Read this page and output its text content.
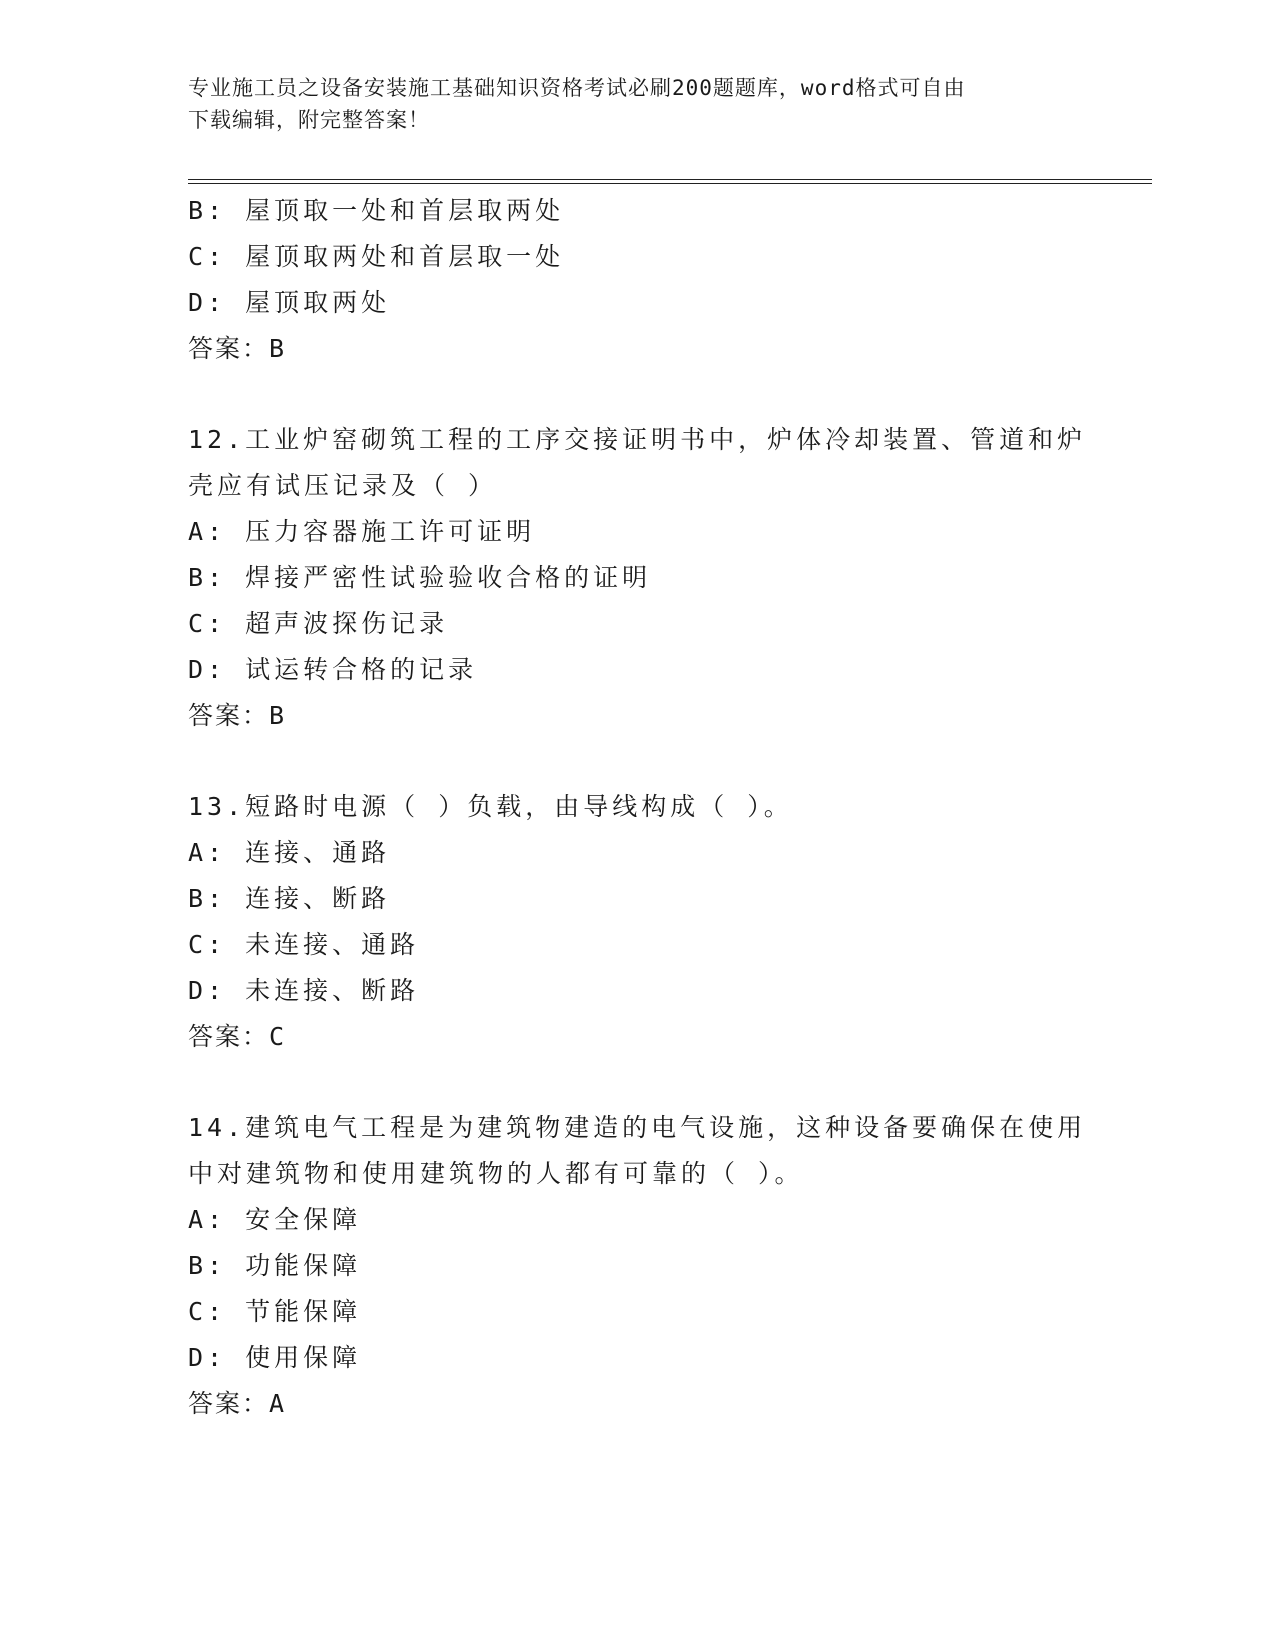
专业施工员之设备安装施工基础知识资格考试必刷200题题库，word格式可自由
下载编辑，附完整答案！
B: 屋顶取一处和首层取两处
C: 屋顶取两处和首层取一处
D: 屋顶取两处
答案：B
12.工业炉窑砌筑工程的工序交接证明书中，炉体冷却装置、管道和炉
壳应有试压记录及（ ）
A: 压力容器施工许可证明
B: 焊接严密性试验验收合格的证明
C: 超声波探伤记录
D: 试运转合格的记录
答案：B
13.短路时电源（ ）负载，由导线构成（ ）。
A: 连接、通路
B: 连接、断路
C: 未连接、通路
D: 未连接、断路
答案：C
14.建筑电气工程是为建筑物建造的电气设施，这种设备要确保在使用
中对建筑物和使用建筑物的人都有可靠的（ ）。
A: 安全保障
B: 功能保障
C: 节能保障
D: 使用保障
答案：A
